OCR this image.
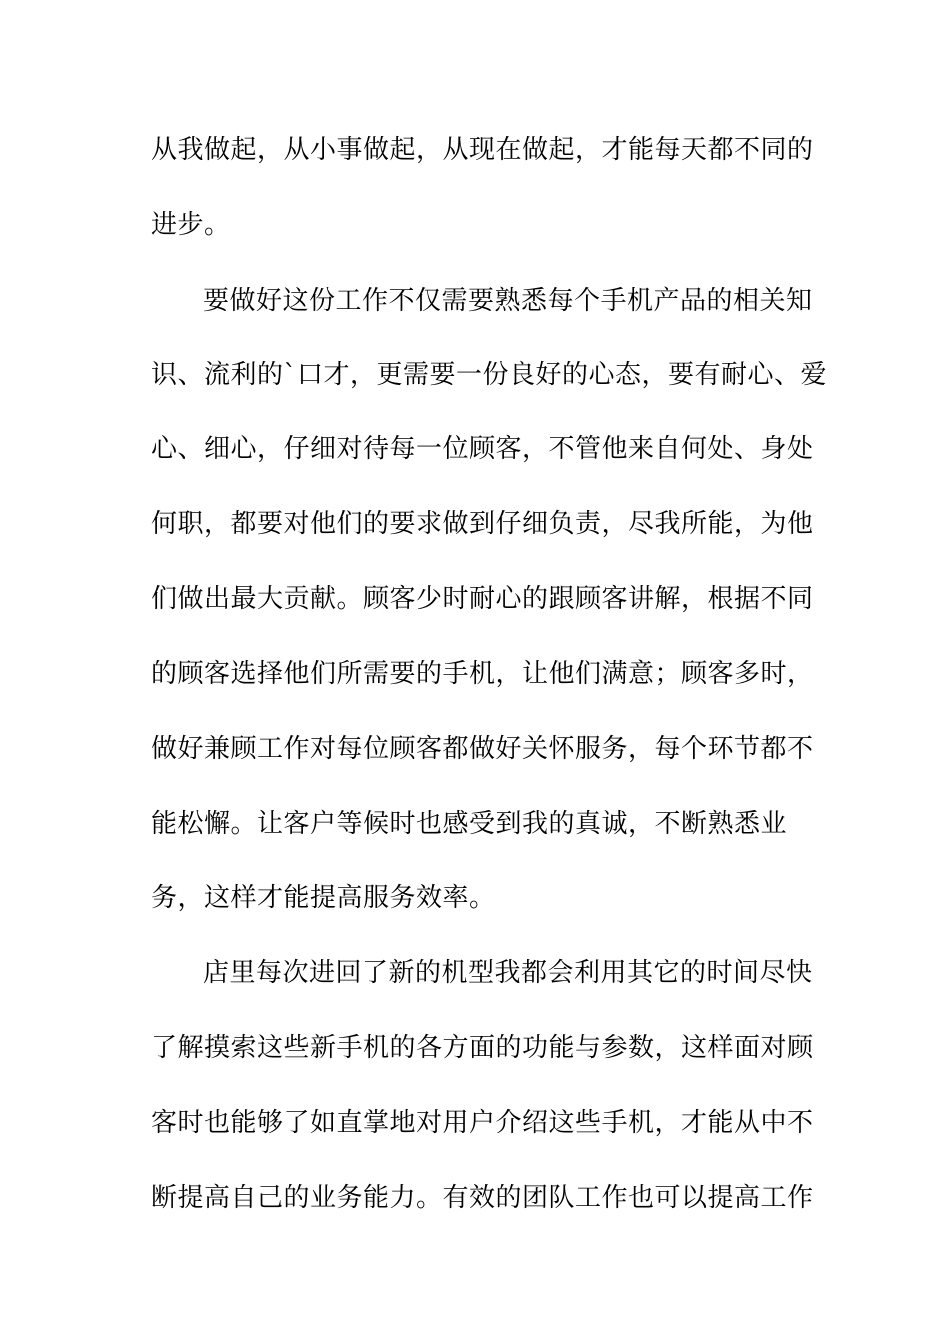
从我做起，从小事做起，从现在做起，才能每天都不同的
进步。
要做好这份工作不仅需要熟悉每个手机产品的相关知
识、流利的`口才，更需要一份良好的心态，要有耐心、爱
心、细心，仔细对待每一位顾客，不管他来自何处、身处
何职，都要对他们的要求做到仔细负责，尽我所能，为他
们做出最大贡献。顾客少时耐心的跟顾客讲解，根据不同
的顾客选择他们所需要的手机，让他们满意；顾客多时，
做好兼顾工作对每位顾客都做好关怀服务，每个环节都不
能松懈。让客户等候时也感受到我的真诚，不断熟悉业
务，这样才能提高服务效率。
店里每次进回了新的机型我都会利用其它的时间尽快
了解摸索这些新手机的各方面的功能与参数，这样面对顾
客时也能够了如直掌地对用户介绍这些手机，才能从中不
断提高自己的业务能力。有效的团队工作也可以提高工作
